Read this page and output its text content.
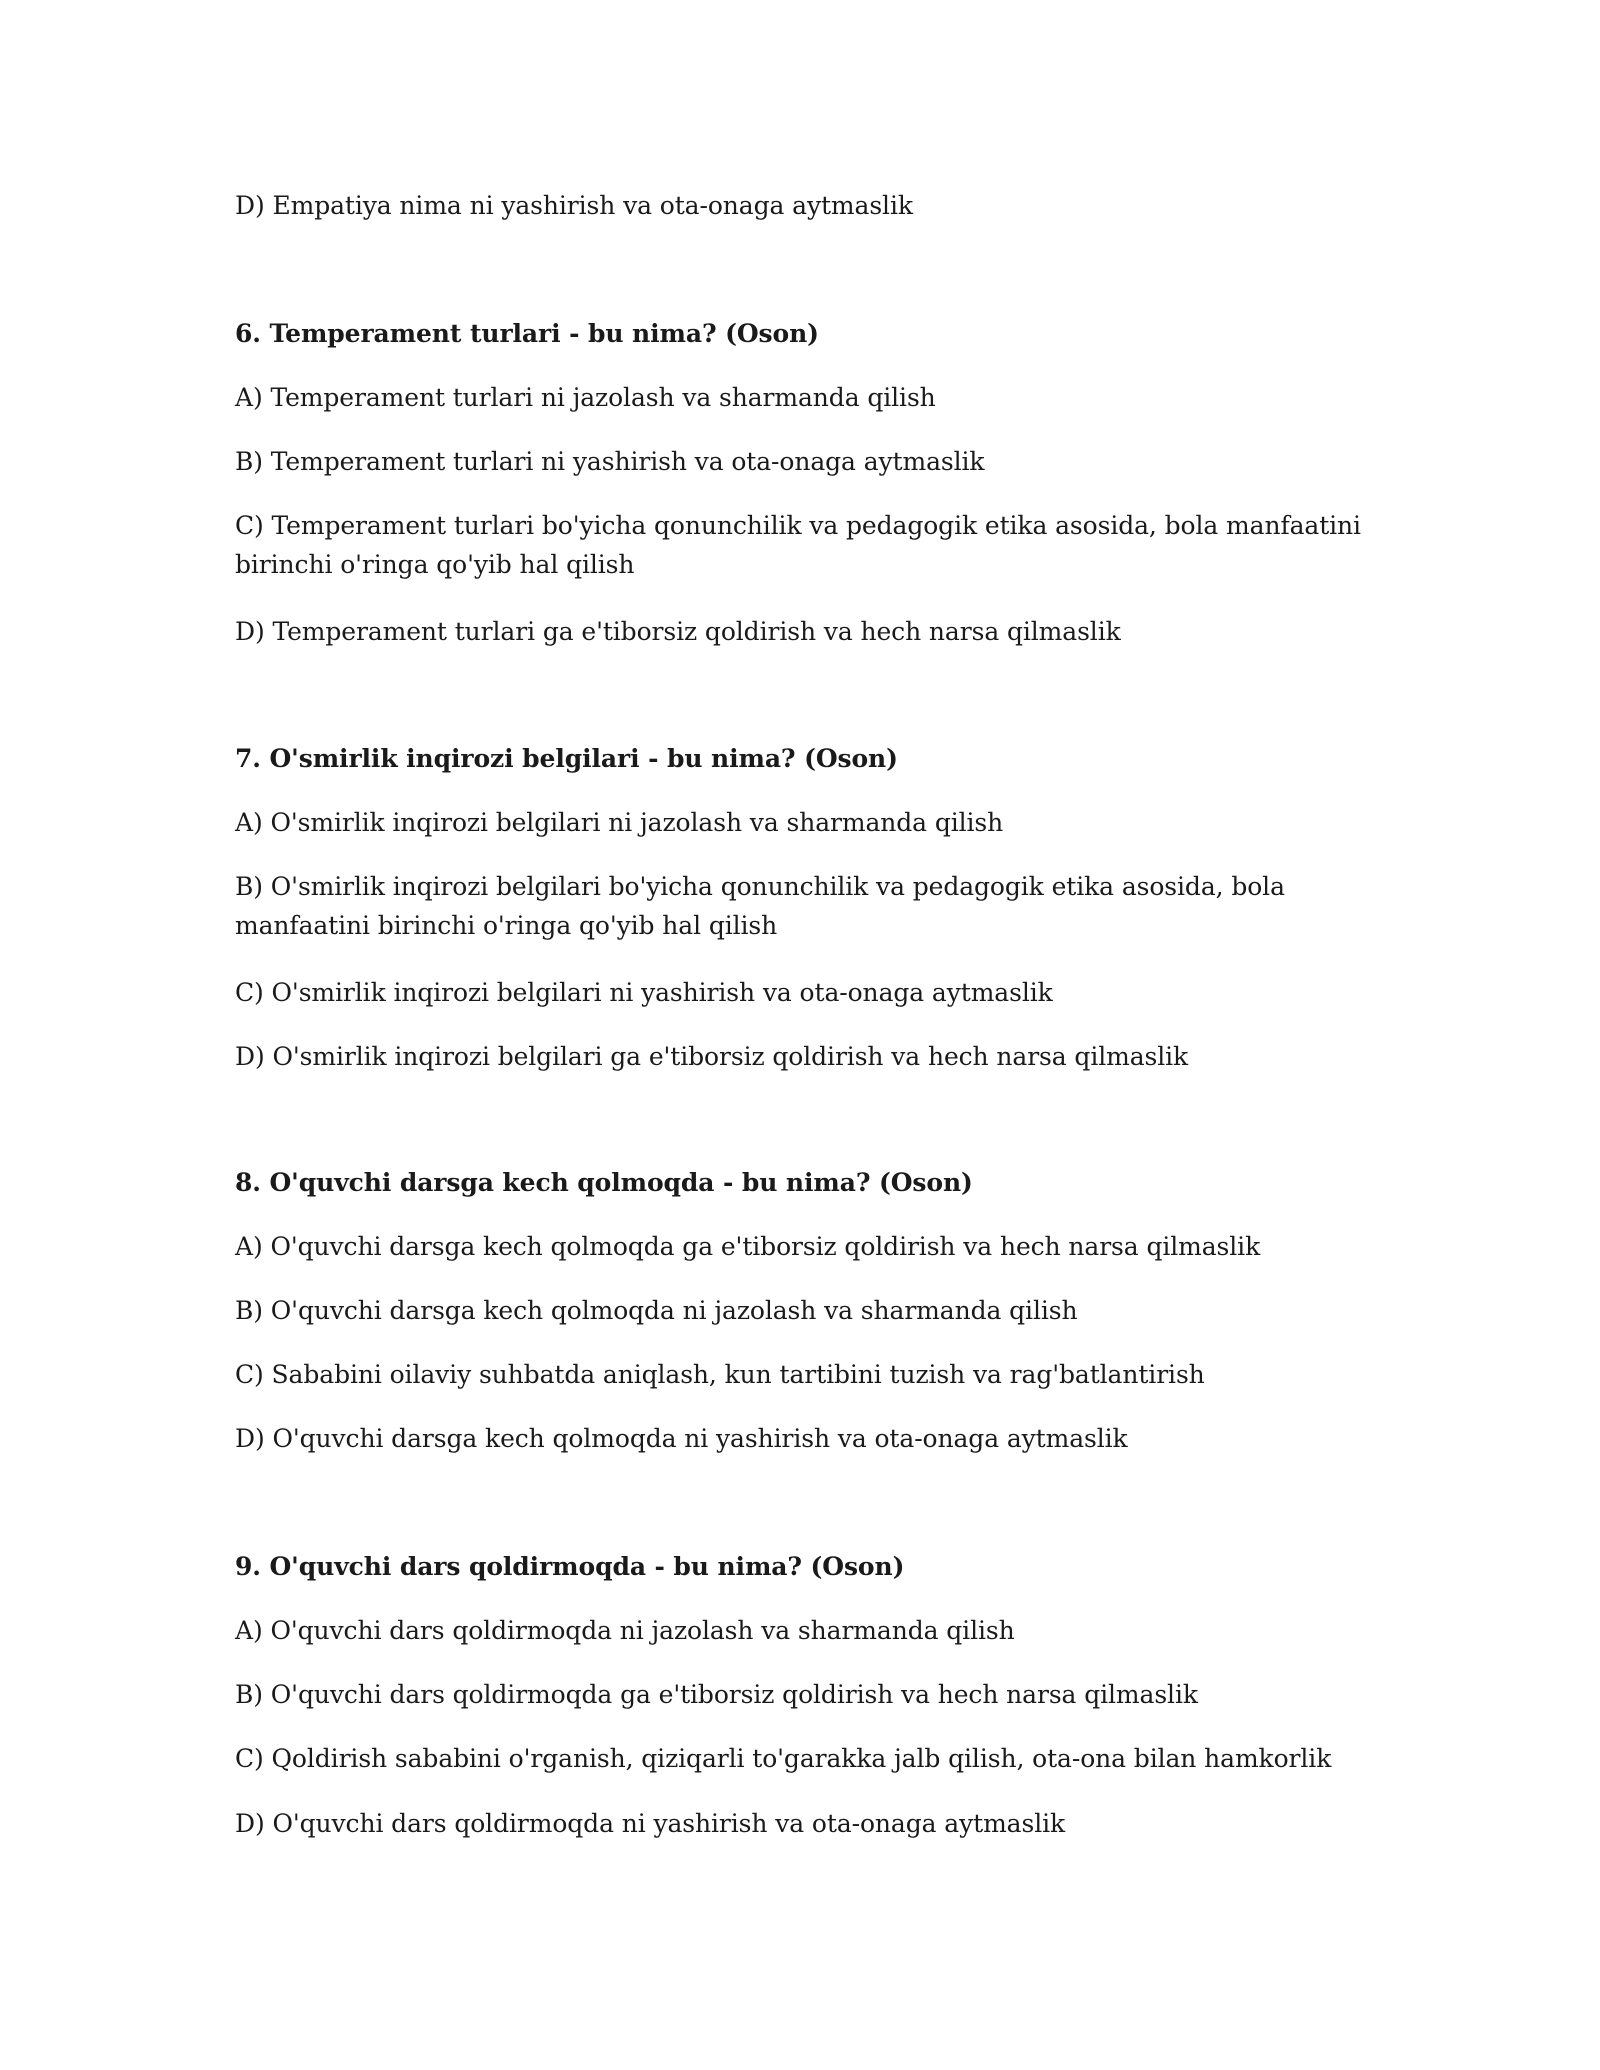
D) Empatiya nima ni yashirish va ota-onaga aytmaslik
6. Temperament turlari - bu nima? (Oson)
A) Temperament turlari ni jazolash va sharmanda qilish
B) Temperament turlari ni yashirish va ota-onaga aytmaslik
C) Temperament turlari bo'yicha qonunchilik va pedagogik etika asosida, bola manfaatini birinchi o'ringa qo'yib hal qilish
D) Temperament turlari ga e'tiborsiz qoldirish va hech narsa qilmaslik
7. O'smirlik inqirozi belgilari - bu nima? (Oson)
A) O'smirlik inqirozi belgilari ni jazolash va sharmanda qilish
B) O'smirlik inqirozi belgilari bo'yicha qonunchilik va pedagogik etika asosida, bola manfaatini birinchi o'ringa qo'yib hal qilish
C) O'smirlik inqirozi belgilari ni yashirish va ota-onaga aytmaslik
D) O'smirlik inqirozi belgilari ga e'tiborsiz qoldirish va hech narsa qilmaslik
8. O'quvchi darsga kech qolmoqda - bu nima? (Oson)
A) O'quvchi darsga kech qolmoqda ga e'tiborsiz qoldirish va hech narsa qilmaslik
B) O'quvchi darsga kech qolmoqda ni jazolash va sharmanda qilish
C) Sababini oilaviy suhbatda aniqlash, kun tartibini tuzish va rag'batlantirish
D) O'quvchi darsga kech qolmoqda ni yashirish va ota-onaga aytmaslik
9. O'quvchi dars qoldirmoqda - bu nima? (Oson)
A) O'quvchi dars qoldirmoqda ni jazolash va sharmanda qilish
B) O'quvchi dars qoldirmoqda ga e'tiborsiz qoldirish va hech narsa qilmaslik
C) Qoldirish sababini o'rganish, qiziqarli to'garakka jalb qilish, ota-ona bilan hamkorlik
D) O'quvchi dars qoldirmoqda ni yashirish va ota-onaga aytmaslik
